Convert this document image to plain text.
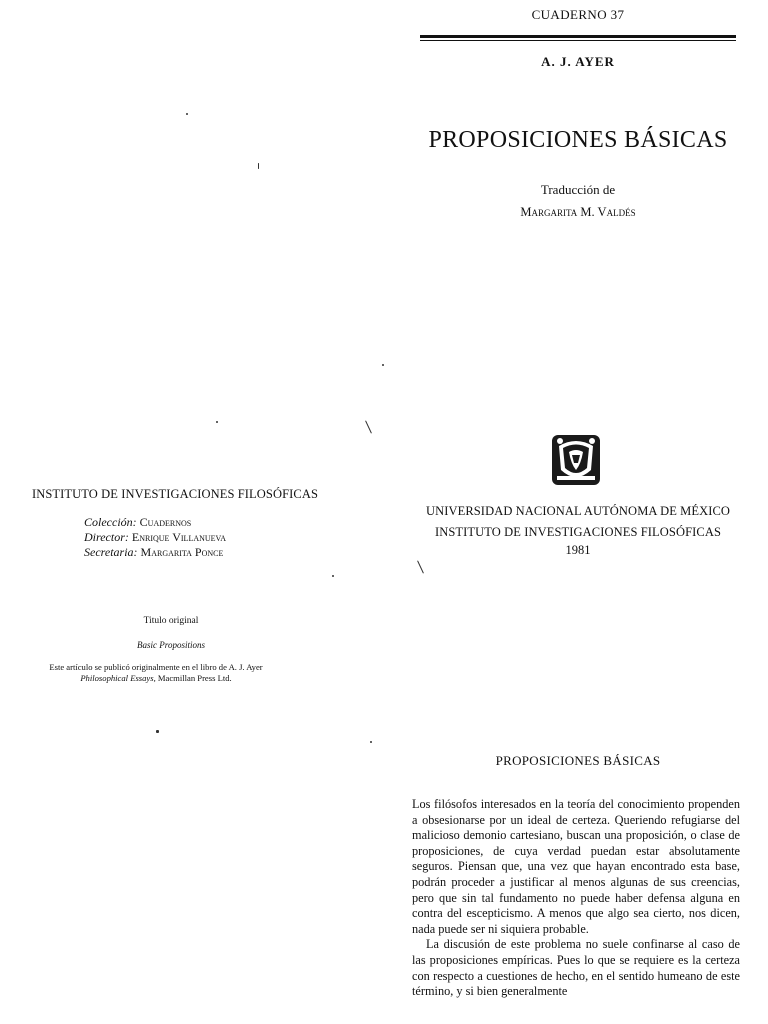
INSTITUTO DE INVESTIGACIONES FILOSÓFICAS
Colección: Cuadernos
Director: Enrique Villanueva
Secretaria: Margarita Ponce
Titulo original
Basic Propositions
Este artículo se publicó originalmente en el libro de A. J. Ayer
Philosophical Essays, Macmillan Press Ltd.
CUADERNO 37
A. J. AYER
PROPOSICIONES BÁSICAS
Traducción de
Margarita M. Valdés
UNIVERSIDAD NACIONAL AUTÓNOMA DE MÉXICO
INSTITUTO DE INVESTIGACIONES FILOSÓFICAS
1981
PROPOSICIONES BÁSICAS

Los filósofos interesados en la teoría del conocimiento propenden a obsesionarse por un ideal de certeza. Queriendo refugiarse del malicioso demonio cartesiano, buscan una proposición, o clase de proposiciones, de cuya verdad puedan estar absolutamente seguros. Piensan que, una vez que hayan encontrado esta base, podrán proceder a justificar al menos algunas de sus creencias, pero que sin tal fundamento no puede haber defensa alguna en contra del escepticismo. A menos que algo sea cierto, nos dicen, nada puede ser ni siquiera probable.

La discusión de este problema no suele confinarse al caso de las proposiciones empíricas. Pues lo que se requiere es la certeza con respecto a cuestiones de hecho, en el sentido humeano de este término, y si bien generalmente
